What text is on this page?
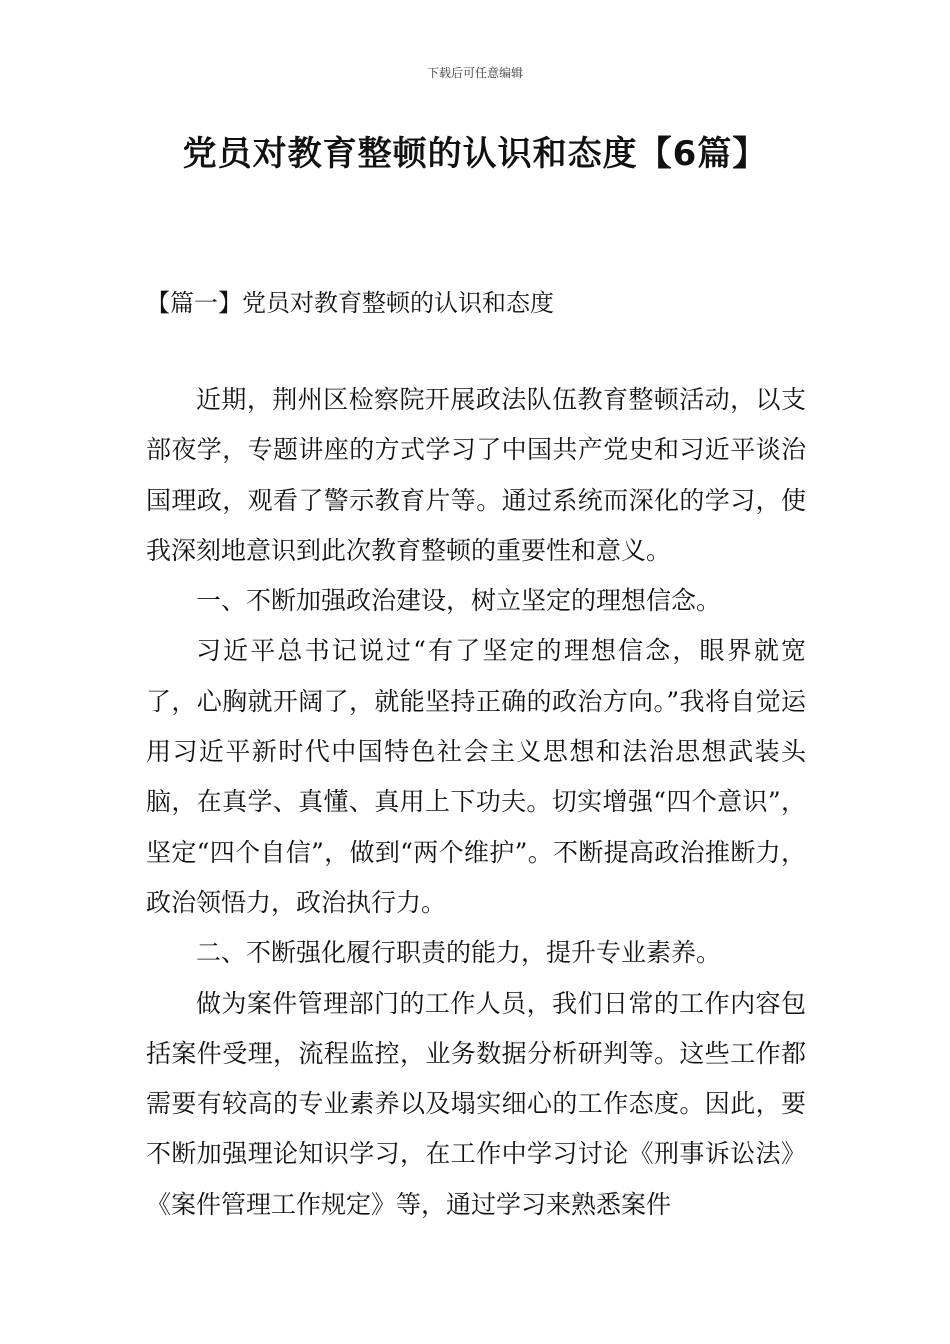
下载后可任意编辑
党员对教育整顿的认识和态度【6篇】
【篇一】党员对教育整顿的认识和态度

近期，荆州区检察院开展政法队伍教育整顿活动，以支部夜学，专题讲座的方式学习了中国共产党史和习近平谈治国理政，观看了警示教育片等。通过系统而深化的学习，使我深刻地意识到此次教育整顿的重要性和意义。

一、不断加强政治建设，树立坚定的理想信念。

习近平总书记说过“有了坚定的理想信念，眼界就宽了，心胸就开阔了，就能坚持正确的政治方向。”我将自觉运用习近平新时代中国特色社会主义思想和法治思想武装头脑，在真学、真懂、真用上下功夫。切实增强“四个意识”，坚定“四个自信”，做到“两个维护”。不断提高政治推断力，政治领悟力，政治执行力。

二、不断强化履行职责的能力，提升专业素养。

做为案件管理部门的工作人员，我们日常的工作内容包括案件受理，流程监控，业务数据分析研判等。这些工作都需要有较高的专业素养以及塌实细心的工作态度。因此，要不断加强理论知识学习，在工作中学习讨论《刑事诉讼法》《案件管理工作规定》等，通过学习来熟悉案件
